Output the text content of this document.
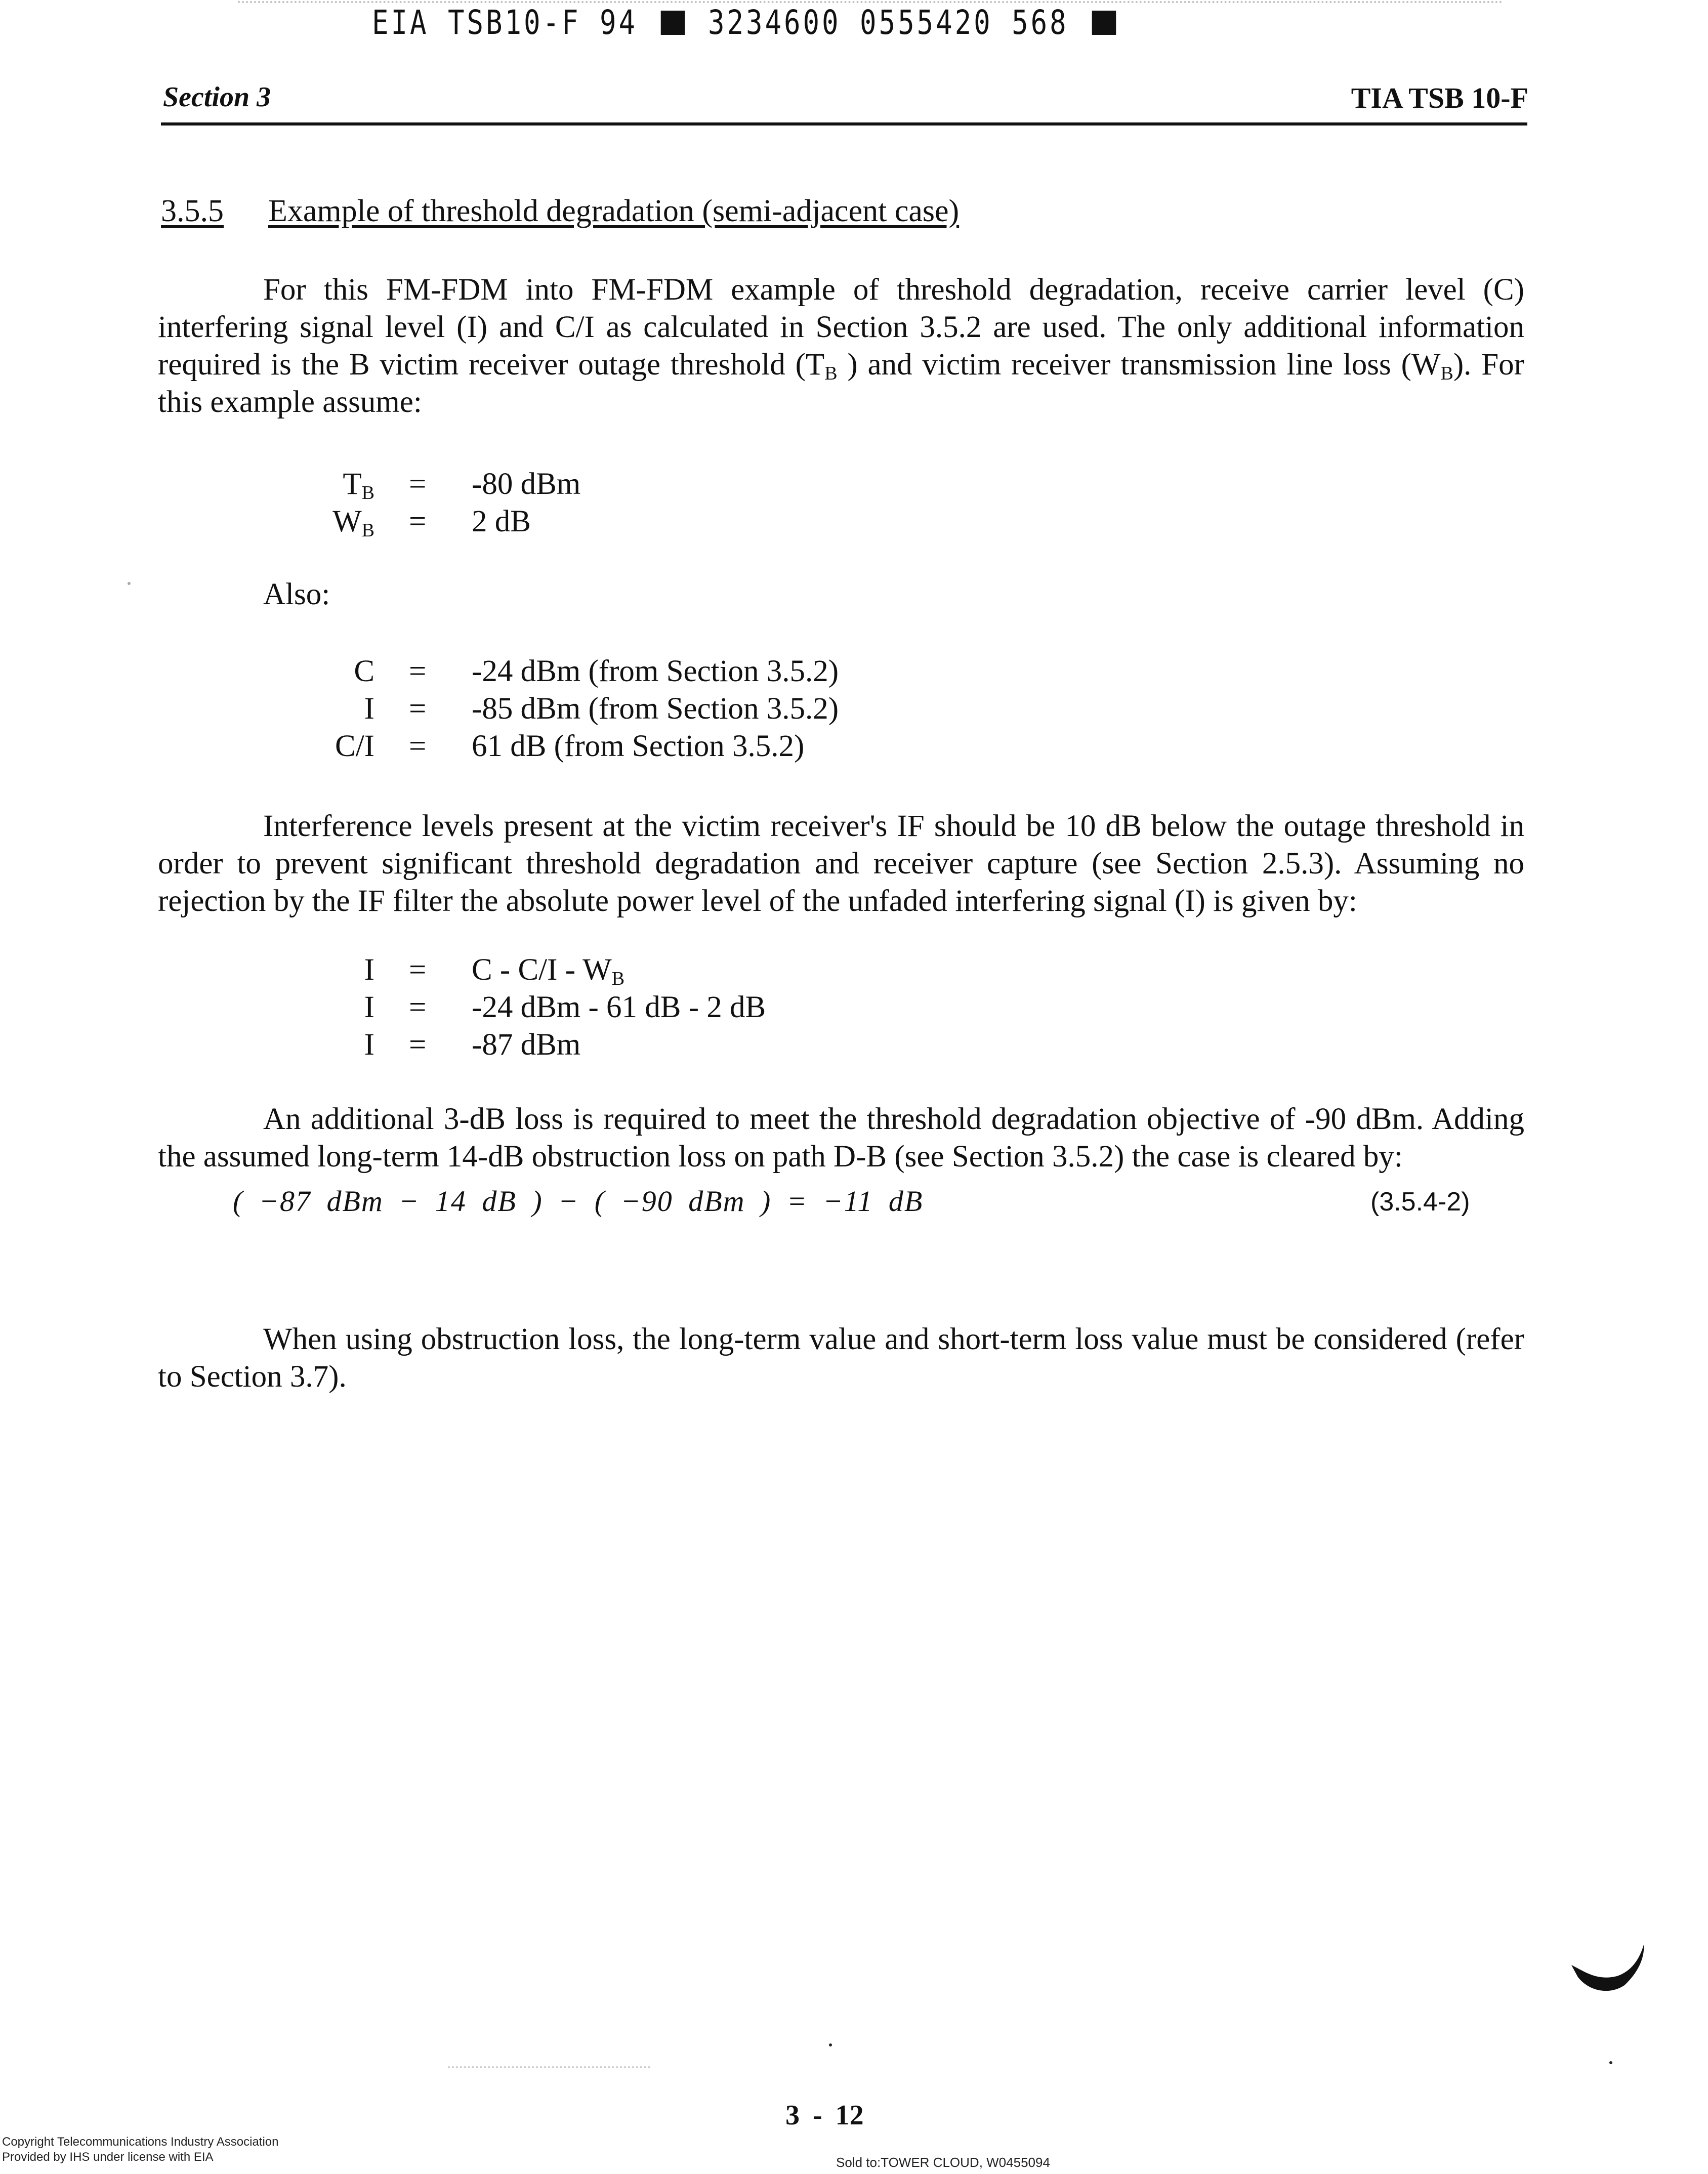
EIA TSB10-F 94 3234600 0555420 568
Section 3	TIA TSB 10-F
3.5.5 Example of threshold degradation (semi-adjacent case)
For this FM-FDM into FM-FDM example of threshold degradation, receive carrier level (C) interfering signal level (I) and C/I as calculated in Section 3.5.2 are used. The only additional information required is the B victim receiver outage threshold ($T_B$ ) and victim receiver transmission line loss $(W_B)$. For this example assume:
$T_B = -80$ dBm
$W_B = 2$ dB
Also:
C = -24 dBm (from Section 3.5.2)
I = -85 dBm (from Section 3.5.2)
C/I = 61 dB (from Section 3.5.2)
Interference levels present at the victim receiver's IF should be 10 dB below the outage threshold in order to prevent significant threshold degradation and receiver capture (see Section 2.5.3). Assuming no rejection by the IF filter the absolute power level of the unfaded interfering signal (I) is given by:
$I = C - C/I - W_B$
I = -24 dBm - 61 dB - 2 dB
I = -87 dBm
An additional 3-dB loss is required to meet the threshold degradation objective of -90 dBm. Adding the assumed long-term 14-dB obstruction loss on path D-B (see Section 3.5.2) the case is cleared by:
( −87 dBm − 14 dB ) − ( −90 dBm ) = −11 dB	(3.5.4-2)
When using obstruction loss, the long-term value and short-term loss value must be considered (refer to Section 3.7).
3 - 12
Copyright Telecommunications Industry Association
Provided by IHS under license with EIA	Sold to:TOWER CLOUD, W0455094
